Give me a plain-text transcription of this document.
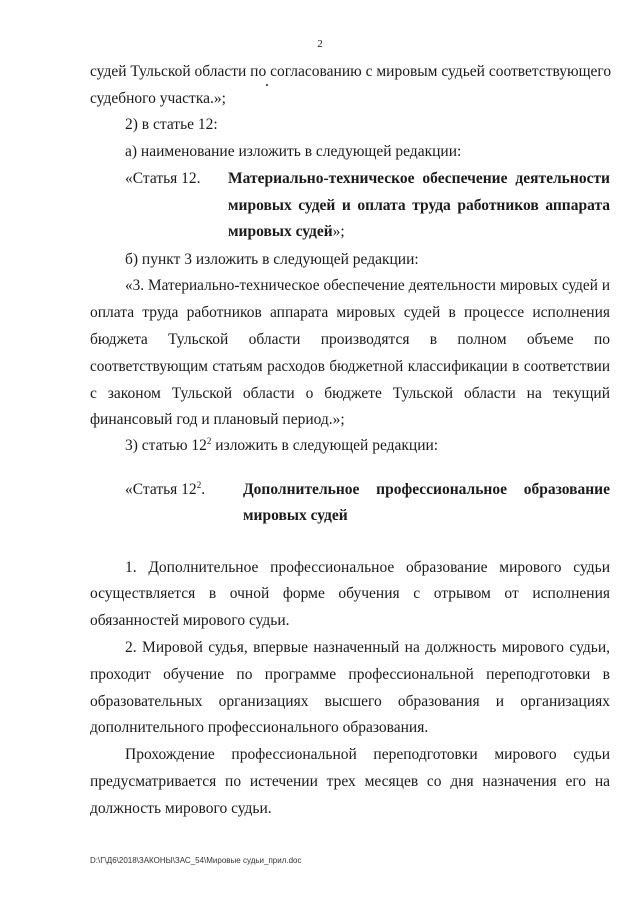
2
судей Тульской области по согласованию с мировым судьей соответствующего
судебного участка.»;
2) в статье 12:
а) наименование изложить в следующей редакции:
«Статья 12. Материально-техническое обеспечение деятельности
мировых судей и оплата труда работников аппарата
мировых судей»;
б) пункт 3 изложить в следующей редакции:
«3. Материально-техническое обеспечение деятельности мировых судей и
оплата труда работников аппарата мировых судей в процессе исполнения
бюджета Тульской области производятся в полном объеме по
соответствующим статьям расходов бюджетной классификации в соответствии
с законом Тульской области о бюджете Тульской области на текущий
финансовый год и плановый период.»;
3) статью $12^2$ изложить в следующей редакции:
«Статья $12^2$. Дополнительное профессиональное образование
мировых судей
1. Дополнительное профессиональное образование мирового судьи
осуществляется в очной форме обучения с отрывом от исполнения
обязанностей мирового судьи.
2. Мировой судья, впервые назначенный на должность мирового судьи,
проходит обучение по программе профессиональной переподготовки в
образовательных организациях высшего образования и организациях
дополнительного профессионального образования.
Прохождение профессиональной переподготовки мирового судьи
предусматривается по истечении трех месяцев со дня назначения его на
должность мирового судьи.
D:\Г\Д6\2018\ЗАКОНЫ\ЗАС_54\Мировые судьи_прил.doc
